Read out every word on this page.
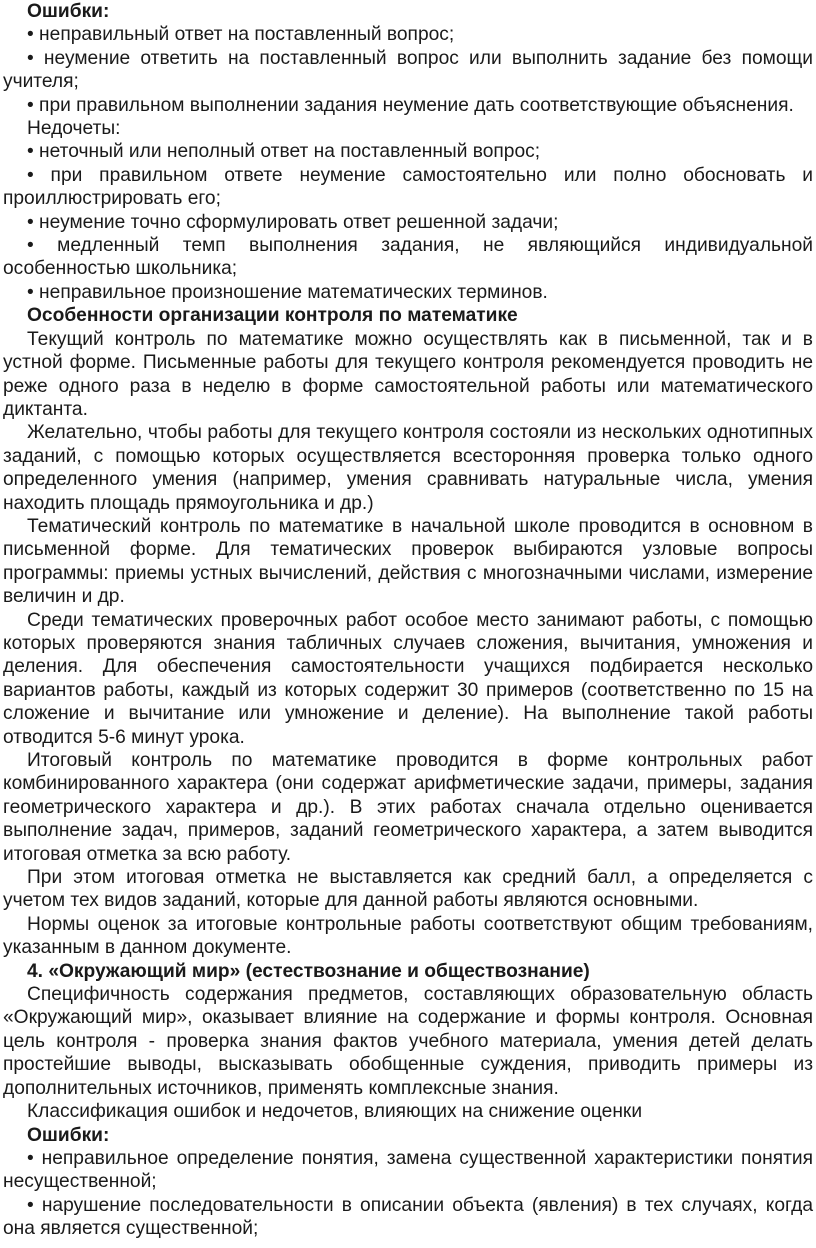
Ошибки:

• неправильный ответ на поставленный вопрос;

• неумение ответить на поставленный вопрос или выполнить задание без помощи учителя;

• при правильном выполнении задания неумение дать соответствующие объяснения.

Недочеты:

• неточный или неполный ответ на поставленный вопрос;

• при правильном ответе неумение самостоятельно или полно обосновать и проиллюстрировать его;

• неумение точно сформулировать ответ решенной задачи;

• медленный темп выполнения задания, не являющийся индивидуальной особенностью школьника;

• неправильное произношение математических терминов.

Особенности организации контроля по математике

Текущий контроль по математике можно осуществлять как в письменной, так и в устной форме. Письменные работы для текущего контроля рекомендуется проводить не реже одного раза в неделю в форме самостоятельной работы или математического диктанта.

Желательно, чтобы работы для текущего контроля состояли из нескольких однотипных заданий, с помощью которых осуществляется всесторонняя проверка только одного определенного умения (например, умения сравнивать натуральные числа, умения находить площадь прямоугольника и др.)

Тематический контроль по математике в начальной школе проводится в основном в письменной форме. Для тематических проверок выбираются узловые вопросы программы: приемы устных вычислений, действия с многозначными числами, измерение величин и др.

Среди тематических проверочных работ особое место занимают работы, с помощью которых проверяются знания табличных случаев сложения, вычитания, умножения и деления. Для обеспечения самостоятельности учащихся подбирается несколько вариантов работы, каждый из которых содержит 30 примеров (соответственно по 15 на сложение и вычитание или умножение и деление). На выполнение такой работы отводится 5-6 минут урока.

Итоговый контроль по математике проводится в форме контрольных работ комбинированного характера (они содержат арифметические задачи, примеры, задания геометрического характера и др.). В этих работах сначала отдельно оценивается выполнение задач, примеров, заданий геометрического характера, а затем выводится итоговая отметка за всю работу.

При этом итоговая отметка не выставляется как средний балл, а определяется с учетом тех видов заданий, которые для данной работы являются основными.

Нормы оценок за итоговые контрольные работы соответствуют общим требованиям, указанным в данном документе.

4. «Окружающий мир» (естествознание и обществознание)

Специфичность содержания предметов, составляющих образовательную область «Окружающий мир», оказывает влияние на содержание и формы контроля. Основная цель контроля - проверка знания фактов учебного материала, умения детей делать простейшие выводы, высказывать обобщенные суждения, приводить примеры из дополнительных источников, применять комплексные знания.

Классификация ошибок и недочетов, влияющих на снижение оценки

Ошибки:

• неправильное определение понятия, замена существенной характеристики понятия несущественной;

• нарушение последовательности в описании объекта (явления) в тех случаях, когда она является существенной;
